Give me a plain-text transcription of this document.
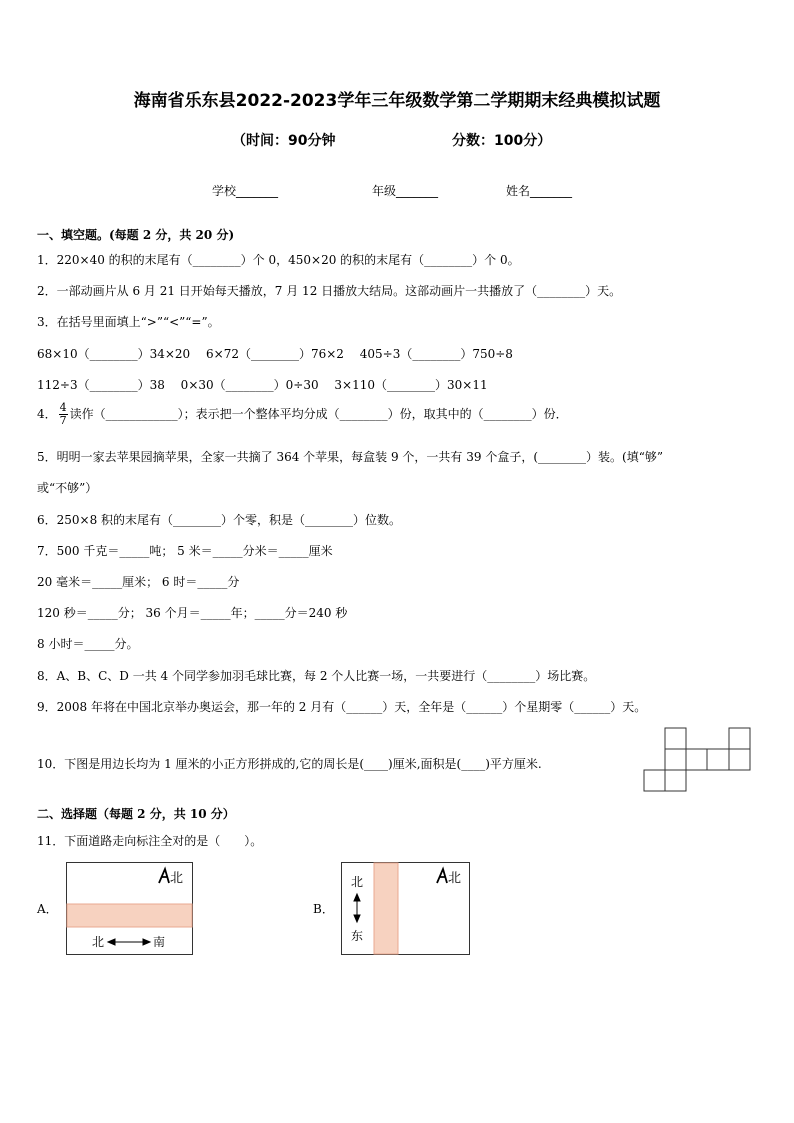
海南省乐东县2022-2023学年三年级数学第二学期期末经典模拟试题
（时间：90分钟	分数：100分）
学校_______	年级_______	姓名_______
一、填空题。(每题 2 分，共 20 分)
1．220×40 的积的末尾有（________）个 0，450×20 的积的末尾有（________）个 0。
2．一部动画片从 6 月 21 日开始每天播放，7 月 12 日播放大结局。这部动画片一共播放了（________）天。
3．在括号里面填上“>”“<”“=”。
68×10（________）34×20　 6×72（________）76×2　 405÷3（________）750÷8
112÷3（________）38　 0×30（________）0÷30　 3×110（________）30×11
4． $\frac{4}{7}$ 读作（____________）；表示把一个整体平均分成（________）份，取其中的（________）份．
5．明明一家去苹果园摘苹果，全家一共摘了 364 个苹果，每盒装 9 个，一共有 39 个盒子，(________）装。(填“够”
或“不够”）
6．250×8 积的末尾有（________）个零，积是（________）位数。
7．500 千克＝_____吨； 5 米＝_____分米＝_____厘米
20 毫米＝_____厘米； 6 时＝_____分
120 秒＝_____分； 36 个月＝_____年；_____分＝240 秒
8 小时＝_____分。
8．A、B、C、D 一共 4 个同学参加羽毛球比赛，每 2 个人比赛一场，一共要进行（________）场比赛。
9．2008 年将在中国北京举办奥运会，那一年的 2 月有（______）天，全年是（______）个星期零（______）天。
10．下图是用边长均为 1 厘米的小正方形拼成的,它的周长是(____)厘米,面积是(____)平方厘米.
二、选择题（每题 2 分，共 10 分）
11．下面道路走向标注全对的是（　　）。
A．
北
北	南
B．
北
东
北
